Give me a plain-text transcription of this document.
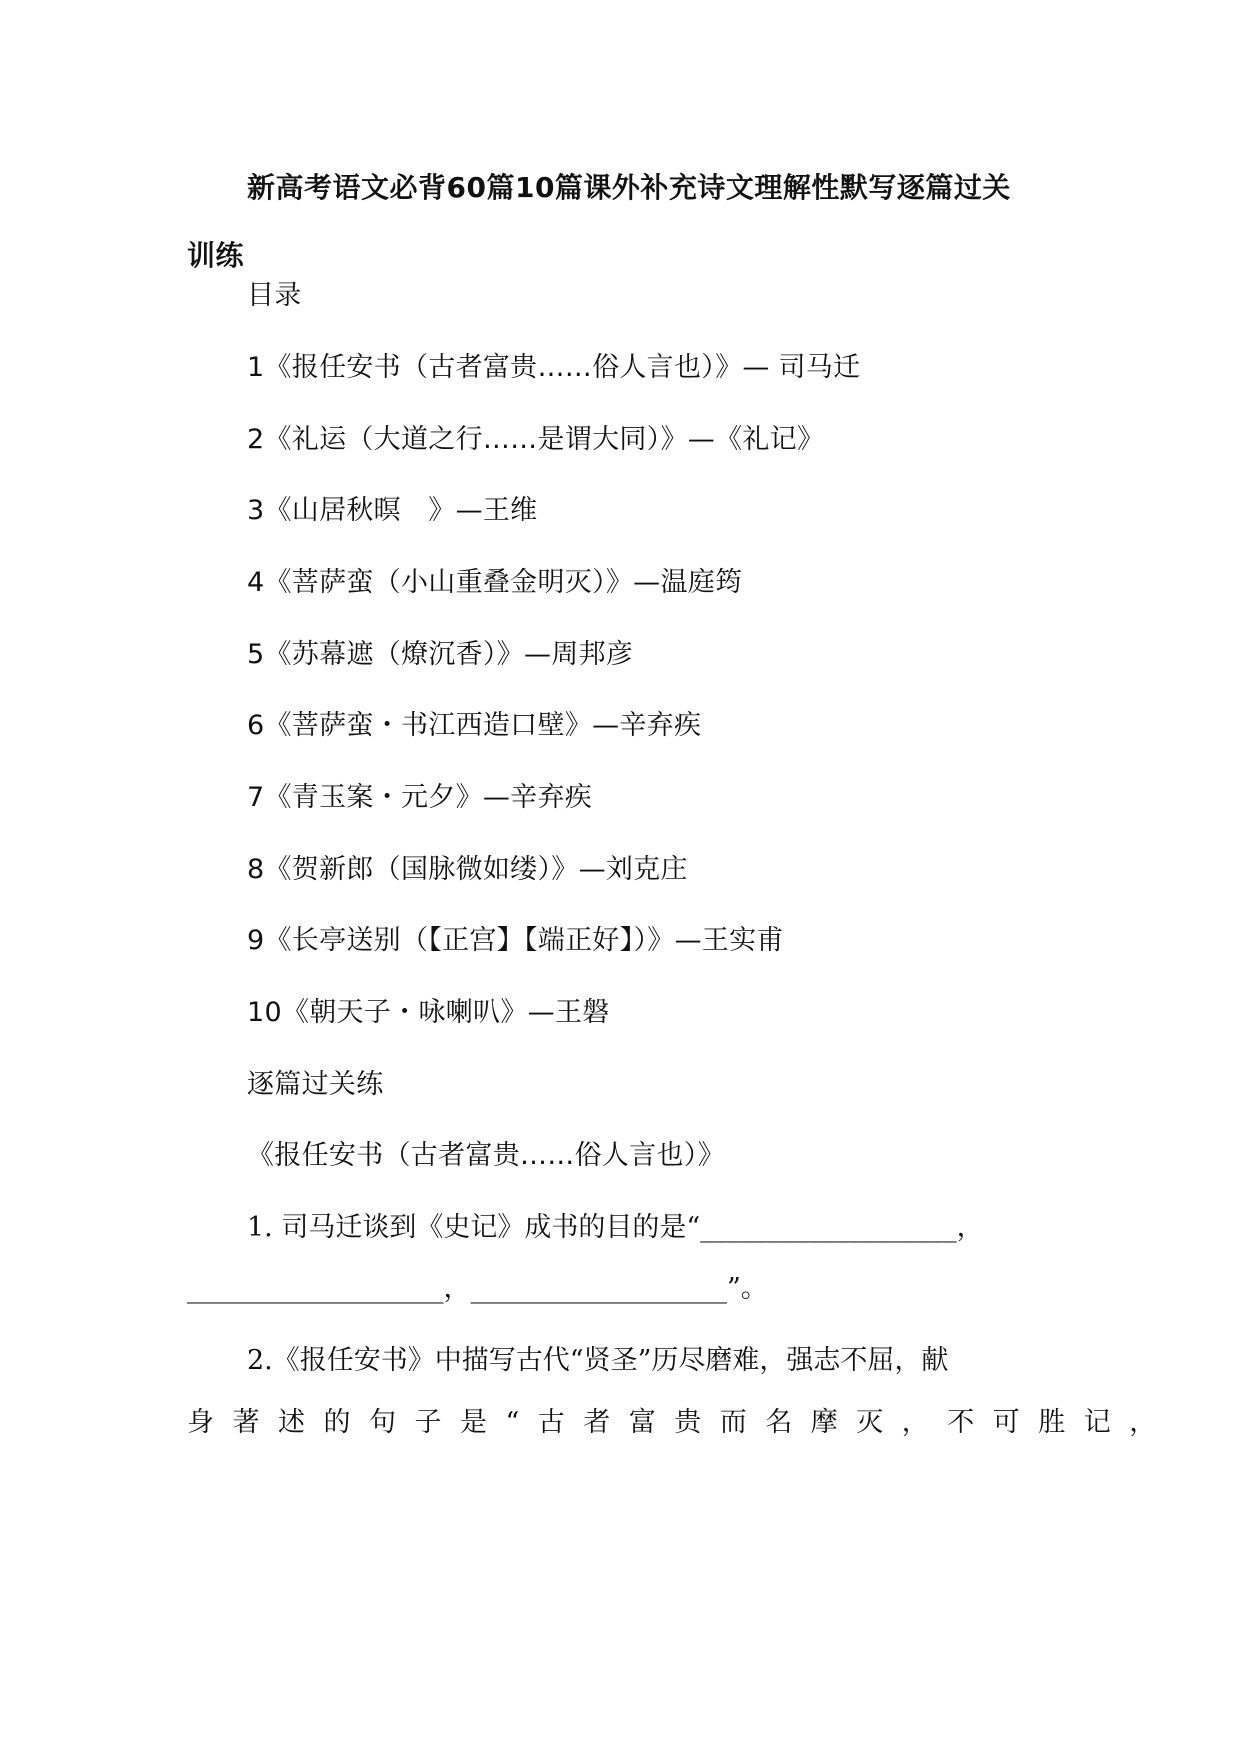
新高考语文必背60篇10篇课外补充诗文理解性默写逐篇过关
训练
目录
1《报任安书（古者富贵……俗人言也）》— 司马迁
2《礼运（大道之行……是谓大同）》—《礼记》
3《山居秋暝　》—王维
4《菩萨蛮（小山重叠金明灭）》—温庭筠
5《苏幕遮（燎沉香）》—周邦彦
6《菩萨蛮・书江西造口壁》—辛弃疾
7《青玉案・元夕》—辛弃疾
8《贺新郎（国脉微如缕）》—刘克庄
9《长亭送别（【正宫】【端正好】）》—王实甫
10《朝天子・咏喇叭》—王磐
逐篇过关练
《报任安书（古者富贵……俗人言也）》
1. 司马迁谈到《史记》成书的目的是“___________________，
___________________，___________________”。
2.《报任安书》中描写古代“贤圣”历尽磨难，强志不屈，献
身著述的句子是“古者富贵而名摩灭，不可胜记，
